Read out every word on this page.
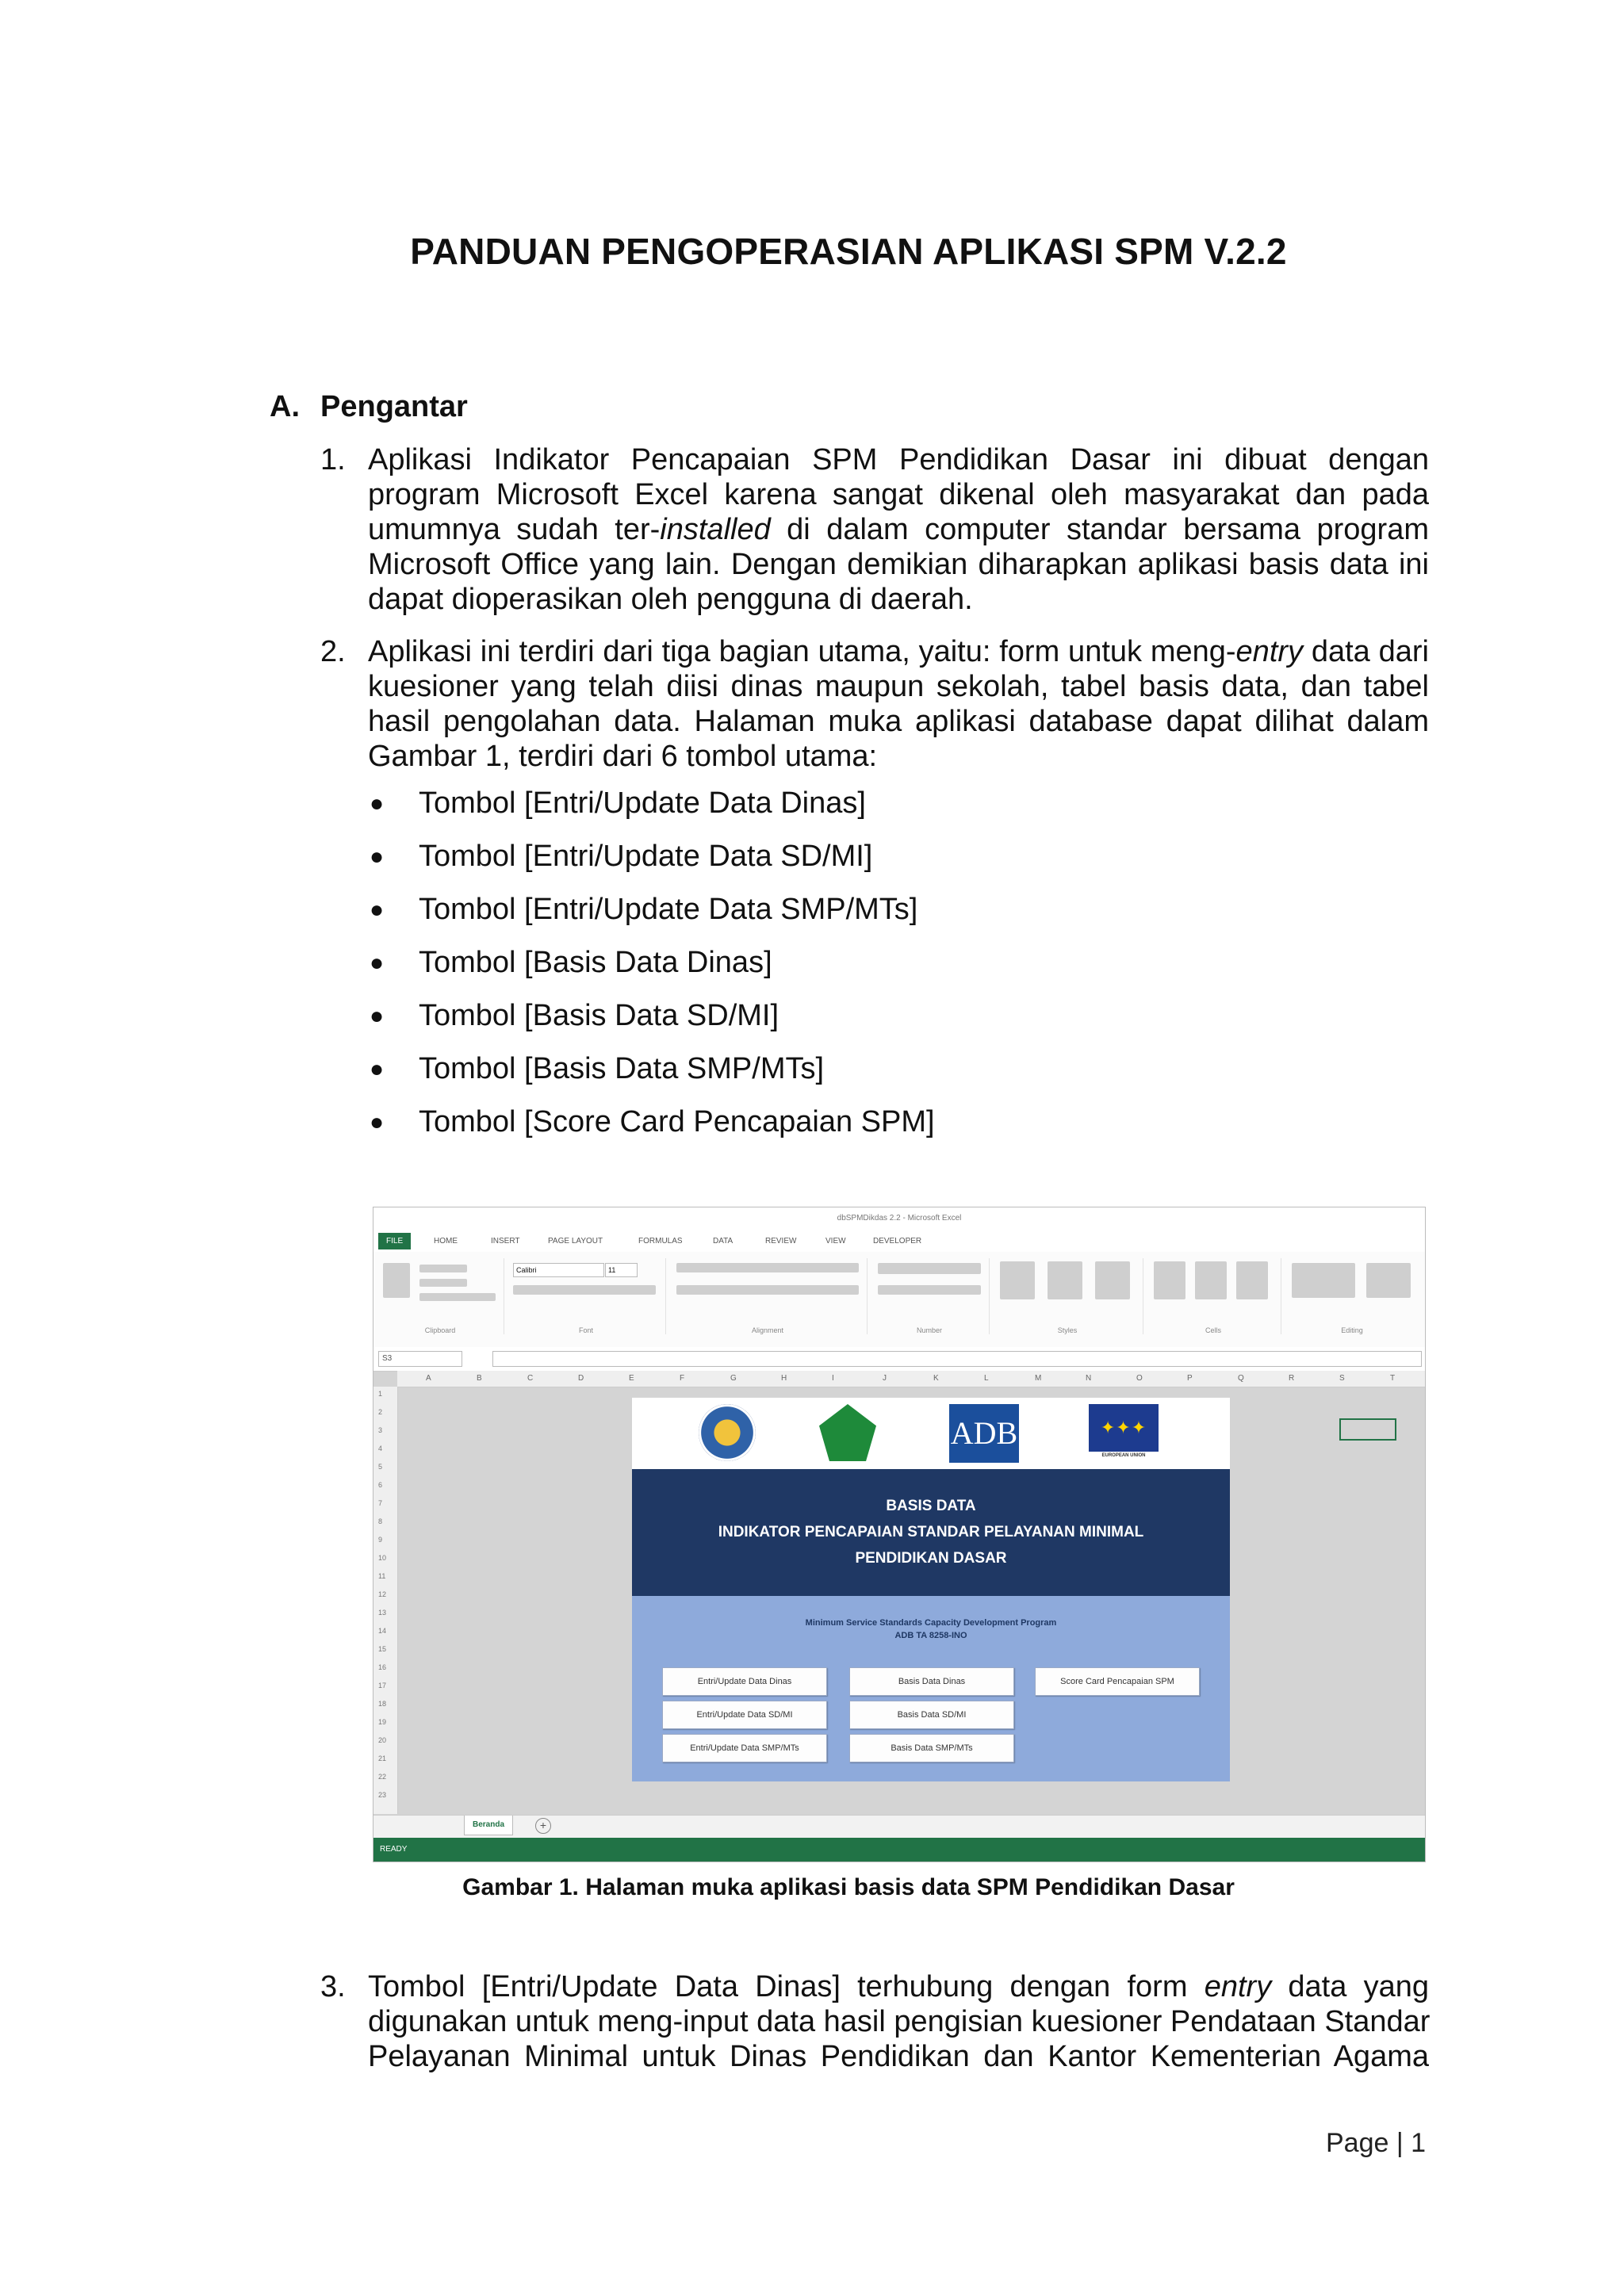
PANDUAN PENGOPERASIAN APLIKASI SPM V.2.2
A. Pengantar
1. Aplikasi Indikator Pencapaian SPM Pendidikan Dasar ini dibuat dengan
program Microsoft Excel karena sangat dikenal oleh masyarakat dan pada
umumnya sudah ter-installed di dalam computer standar bersama program
Microsoft Office yang lain. Dengan demikian diharapkan aplikasi basis data ini
dapat dioperasikan oleh pengguna di daerah.
2. Aplikasi ini terdiri dari tiga bagian utama, yaitu: form untuk meng-entry data dari
kuesioner yang telah diisi dinas maupun sekolah, tabel basis data, dan tabel
hasil pengolahan data. Halaman muka aplikasi database dapat dilihat dalam
Gambar 1, terdiri dari 6 tombol utama:
● Tombol [Entri/Update Data Dinas]
● Tombol [Entri/Update Data SD/MI]
● Tombol [Entri/Update Data SMP/MTs]
● Tombol [Basis Data Dinas]
● Tombol [Basis Data SD/MI]
● Tombol [Basis Data SMP/MTs]
● Tombol [Score Card Pencapaian SPM]
dbSPMDikdas 2.2 - Microsoft Excel
FILE	HOME	INSERT	PAGE LAYOUT	FORMULAS	DATA	REVIEW	VIEW	DEVELOPER
Clipboard
Calibri	11
Font	Alignment	Number	Styles	Cells	Editing
S3
A	B	C	D	E	F	G	H	I	J	K	L	M	N	O	P	Q	R	S	T
1
2
3
4
5
6
7
8
9
10
11
12
13
14
15
16
17
18
19
20
21
22
23
ADB	✦✦✦
EUROPEAN UNION
BASIS DATA
INDIKATOR PENCAPAIAN STANDAR PELAYANAN MINIMAL
PENDIDIKAN DASAR
Minimum Service Standards Capacity Development Program
ADB TA 8258-INO
Entri/Update Data Dinas
Entri/Update Data SD/MI
Entri/Update Data SMP/MTs
Basis Data Dinas
Basis Data SD/MI
Basis Data SMP/MTs
Score Card Pencapaian SPM
Beranda	+
READY
Gambar 1. Halaman muka aplikasi basis data SPM Pendidikan Dasar
3. Tombol [Entri/Update Data Dinas] terhubung dengan form entry data yang
digunakan untuk meng-input data hasil pengisian kuesioner Pendataan Standar
Pelayanan Minimal untuk Dinas Pendidikan dan Kantor Kementerian Agama
Page | 1
